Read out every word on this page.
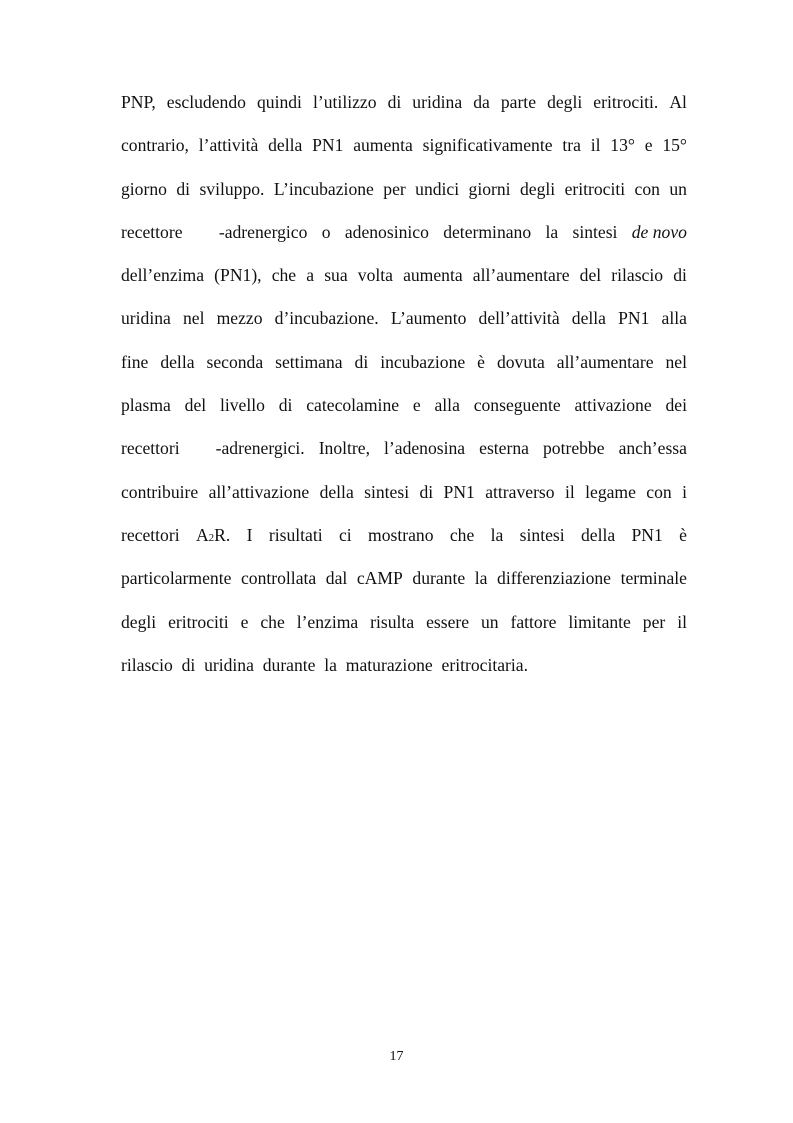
PNP, escludendo quindi l’utilizzo di uridina da parte degli eritrociti. Al
contrario, l’attività della PN1 aumenta significativamente tra il 13° e 15°
giorno di sviluppo. L’incubazione per undici giorni degli eritrociti con un
recettore	-adrenergico o adenosinico determinano la sintesi de novo
dell’enzima (PN1), che a sua volta aumenta all’aumentare del rilascio di
uridina nel mezzo d’incubazione. L’aumento dell’attività della PN1 alla
fine della seconda settimana di incubazione è dovuta all’aumentare nel
plasma del livello di catecolamine e alla conseguente attivazione dei
recettori	-adrenergici. Inoltre, l’adenosina esterna potrebbe anch’essa
contribuire all’attivazione della sintesi di PN1 attraverso il legame con i
recettori A2R. I risultati ci mostrano che la sintesi della PN1 è
particolarmente controllata dal cAMP durante la differenziazione terminale
degli eritrociti e che l’enzima risulta essere un fattore limitante per il
rilascio di uridina durante la maturazione eritrocitaria.
17
